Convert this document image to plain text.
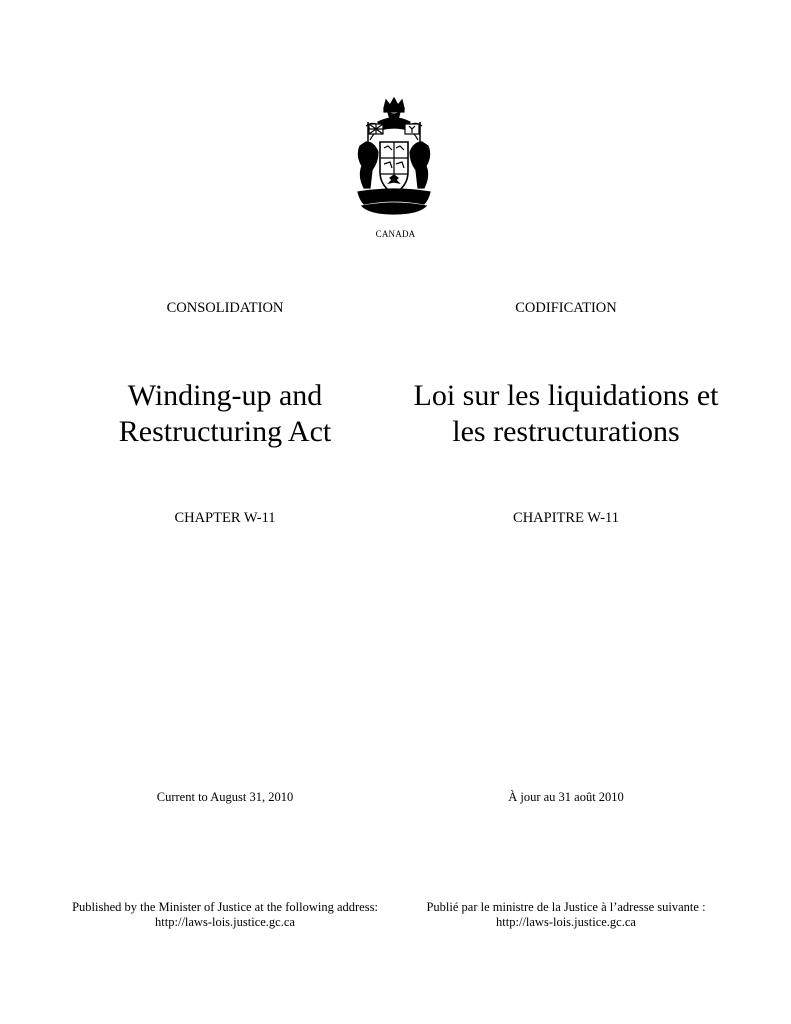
CANADA
CONSOLIDATION
Winding-up and
Restructuring Act
CHAPTER W-11
Current to August 31, 2010
Published by the Minister of Justice at the following address:
http://laws-lois.justice.gc.ca
CODIFICATION
Loi sur les liquidations et
les restructurations
CHAPITRE W-11
À jour au 31 août 2010
Publié par le ministre de la Justice à l’adresse suivante :
http://laws-lois.justice.gc.ca
